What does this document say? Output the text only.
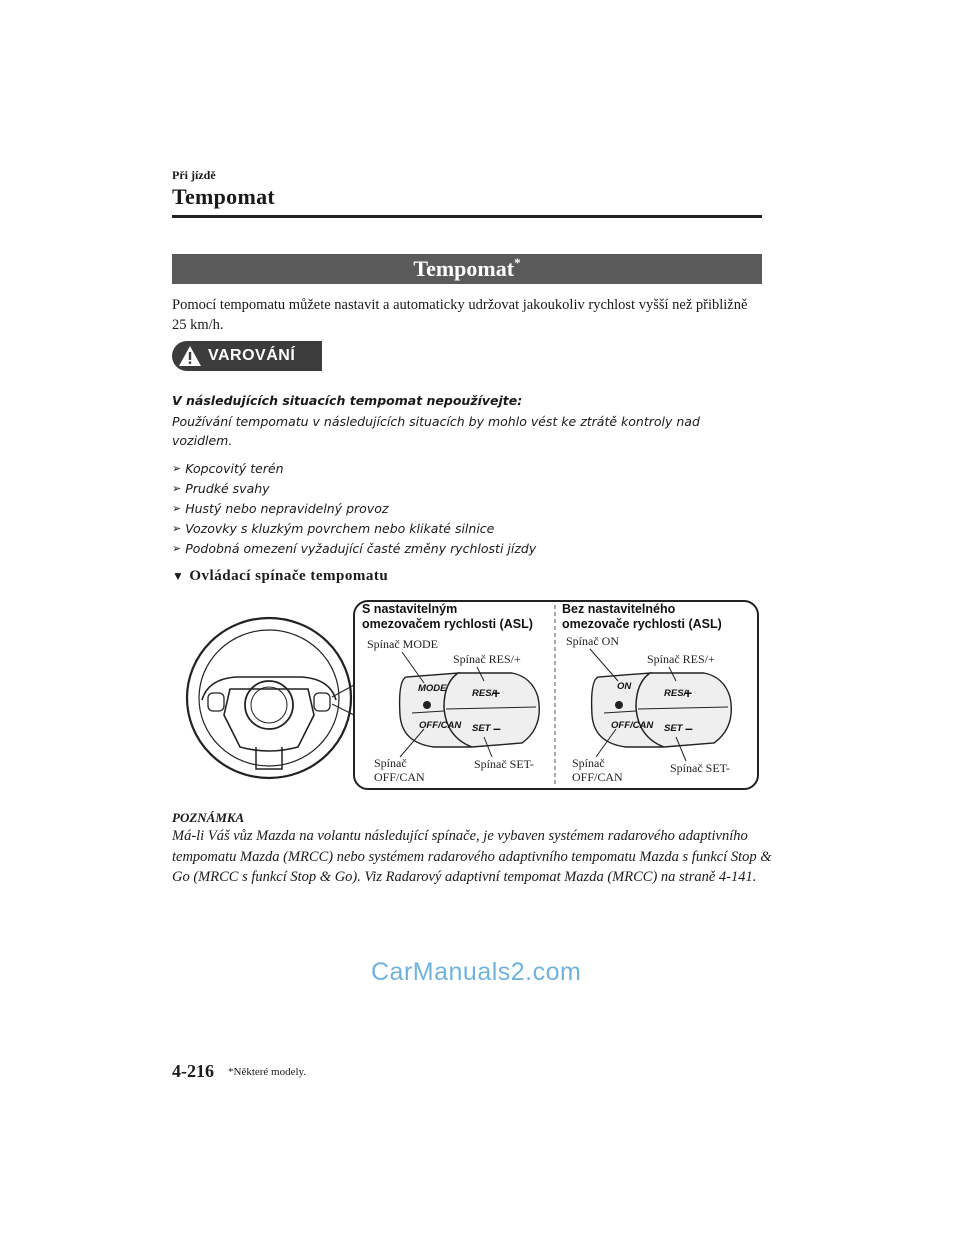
Při jízdě
Tempomat
Tempomat*

Pomocí tempomatu můžete nastavit a automaticky udržovat jakoukoliv rychlost vyšší než přibližně 25 km/h.

VAROVÁNÍ
V následujících situacích tempomat nepoužívejte:

Používání tempomatu v následujících situacích by mohlo vést ke ztrátě kontroly nad vozidlem.

➢ Kopcovitý terén
➢ Prudké svahy
➢ Hustý nebo nepravidelný provoz
➢ Vozovky s kluzkým povrchem nebo klikaté silnice
➢ Podobná omezení vyžadující časté změny rychlosti jízdy
▼ Ovládací spínače tempomatu
S nastavitelným
omezovačem rychlosti (ASL)
Bez nastavitelného
omezovače rychlosti (ASL)
Spínač MODE
Spínač RES/+
Spínač
OFF/CAN
Spínač SET-
Spínač ON
Spínač RES/+
Spínač
OFF/CAN
Spínač SET-
MODE
OFF/CAN
RES/
SET
+
–
ON
OFF/CAN
RES/
SET
+
–
POZNÁMKA

Má-li Váš vůz Mazda na volantu následující spínače, je vybaven systémem radarového adaptivního tempomatu Mazda (MRCC) nebo systémem radarového adaptivního tempomatu Mazda s funkcí Stop & Go (MRCC s funkcí Stop & Go). Viz Radarový adaptivní tempomat Mazda (MRCC) na straně 4-141.

CarManuals2.com
4-216 *Některé modely.
